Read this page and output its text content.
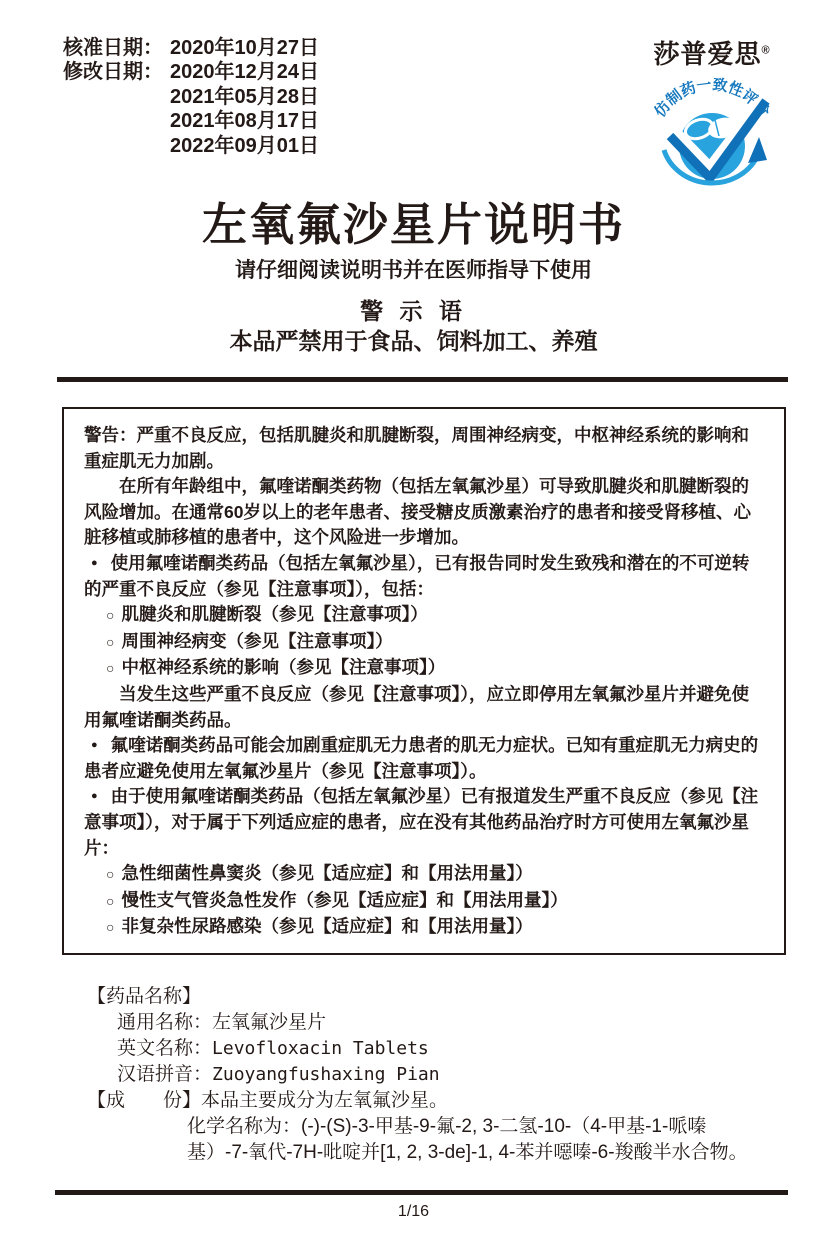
核准日期： 2020年10月27日
修改日期： 2020年12月24日
2021年05月28日
2021年08月17日
2022年09月01日
莎普爱思®
仿制药一致性评价
左氧氟沙星片说明书
请仔细阅读说明书并在医师指导下使用
警 示 语
本品严禁用于食品、饲料加工、养殖

警告：严重不良反应，包括肌腱炎和肌腱断裂，周围神经病变，中枢神经系统的影响和重症肌无力加剧。

在所有年龄组中，氟喹诺酮类药物（包括左氧氟沙星）可导致肌腱炎和肌腱断裂的风险增加。在通常60岁以上的老年患者、接受糖皮质激素治疗的患者和接受肾移植、心脏移植或肺移植的患者中，这个风险进一步增加。

● 使用氟喹诺酮类药品（包括左氧氟沙星），已有报告同时发生致残和潜在的不可逆转的严重不良反应（参见【注意事项】），包括：

○ 肌腱炎和肌腱断裂（参见【注意事项】）

○ 周围神经病变（参见【注意事项】）

○ 中枢神经系统的影响（参见【注意事项】）

当发生这些严重不良反应（参见【注意事项】），应立即停用左氧氟沙星片并避免使用氟喹诺酮类药品。

● 氟喹诺酮类药品可能会加剧重症肌无力患者的肌无力症状。已知有重症肌无力病史的患者应避免使用左氧氟沙星片（参见【注意事项】）。

● 由于使用氟喹诺酮类药品（包括左氧氟沙星）已有报道发生严重不良反应（参见【注意事项】），对于属于下列适应症的患者，应在没有其他药品治疗时方可使用左氧氟沙星片：

○ 急性细菌性鼻窦炎（参见【适应症】和【用法用量】）

○ 慢性支气管炎急性发作（参见【适应症】和【用法用量】）

○ 非复杂性尿路感染（参见【适应症】和【用法用量】）

【药品名称】
通用名称：左氧氟沙星片
英文名称：Levofloxacin Tablets
汉语拼音：Zuoyangfushaxing Pian
【成　　份】本品主要成分为左氧氟沙星。
化学名称为：(-)-(S)-3-甲基-9-氟-2, 3-二氢-10-（4-甲基-1-哌嗪基）-7-氧代-7H-吡啶并[1, 2, 3-de]-1, 4-苯并噁嗪-6-羧酸半水合物。
1/16
